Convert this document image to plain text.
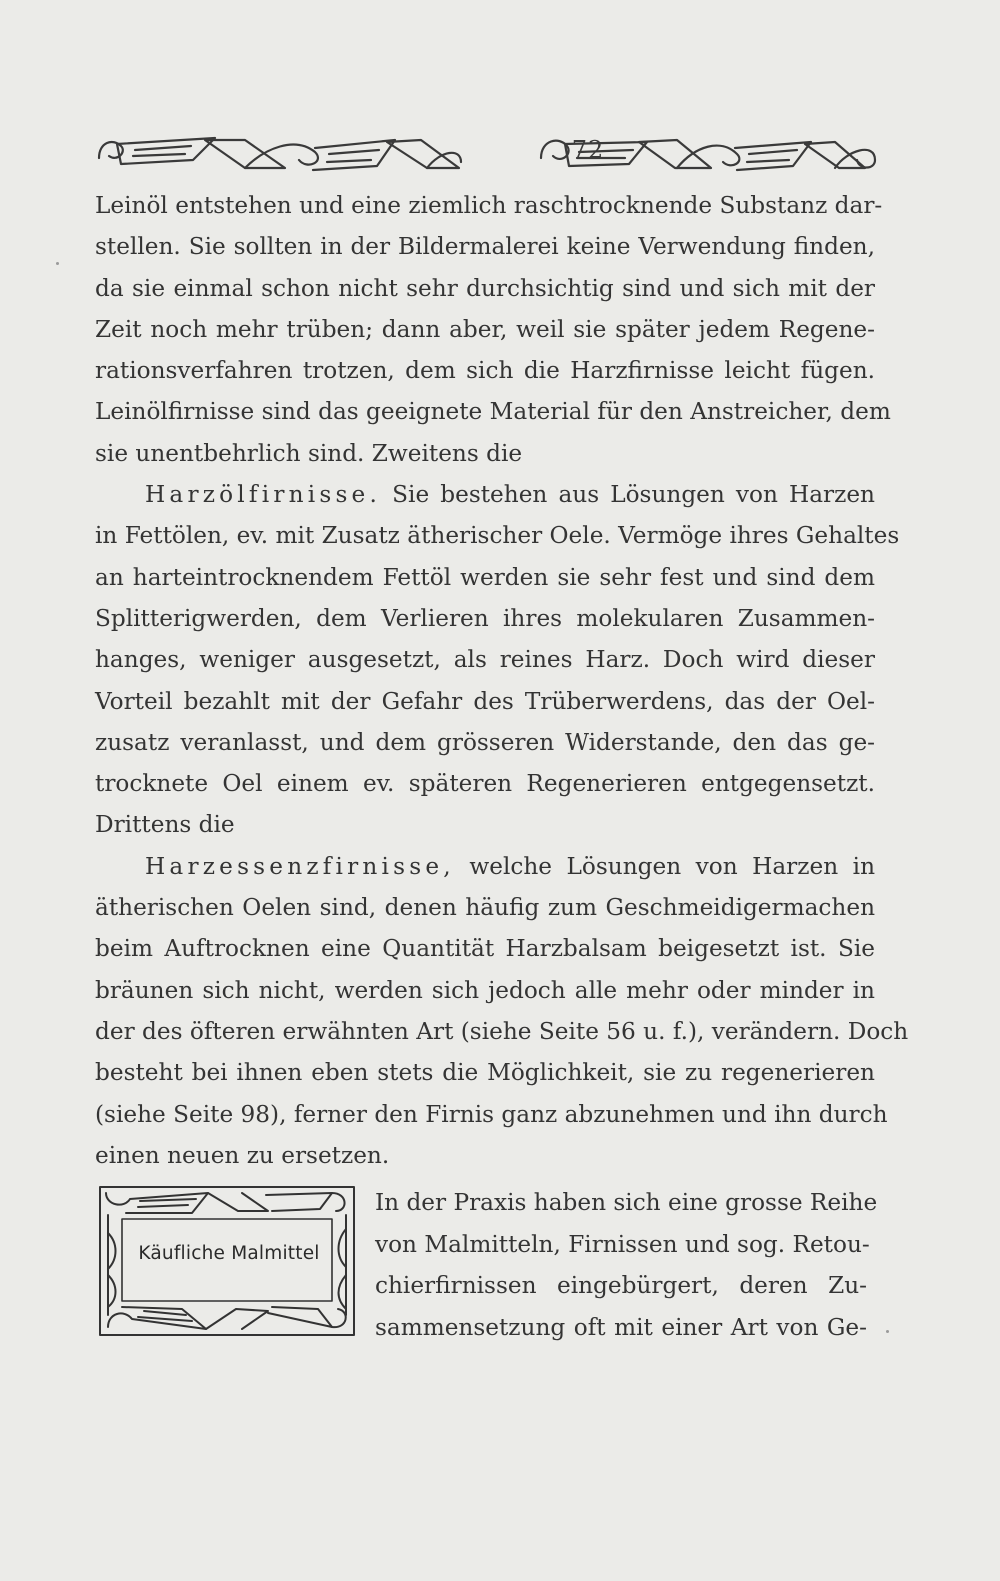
72
Leinöl entstehen und eine ziemlich raschtrocknende Substanz dar-
stellen. Sie sollten in der Bildermalerei keine Verwendung finden,
da sie einmal schon nicht sehr durchsichtig sind und sich mit der
Zeit noch mehr trüben; dann aber, weil sie später jedem Regene-
rationsverfahren trotzen, dem sich die Harzfirnisse leicht fügen.
Leinölfirnisse sind das geeignete Material für den Anstreicher, dem
sie unentbehrlich sind. Zweitens die
Harzölfirnisse. Sie bestehen aus Lösungen von Harzen
in Fettölen, ev. mit Zusatz ätherischer Oele. Vermöge ihres Gehaltes
an harteintrocknendem Fettöl werden sie sehr fest und sind dem
Splitterigwerden, dem Verlieren ihres molekularen Zusammen-
hanges, weniger ausgesetzt, als reines Harz. Doch wird dieser
Vorteil bezahlt mit der Gefahr des Trüberwerdens, das der Oel-
zusatz veranlasst, und dem grösseren Widerstande, den das ge-
trocknete Oel einem ev. späteren Regenerieren entgegensetzt.
Drittens die
Harzessenzfirnisse, welche Lösungen von Harzen in
ätherischen Oelen sind, denen häufig zum Geschmeidigermachen
beim Auftrocknen eine Quantität Harzbalsam beigesetzt ist. Sie
bräunen sich nicht, werden sich jedoch alle mehr oder minder in
der des öfteren erwähnten Art (siehe Seite 56 u. f.), verändern. Doch
besteht bei ihnen eben stets die Möglichkeit, sie zu regenerieren
(siehe Seite 98), ferner den Firnis ganz abzunehmen und ihn durch
einen neuen zu ersetzen.
Käufliche Malmittel
In der Praxis haben sich eine grosse Reihe
von Malmitteln, Firnissen und sog. Retou-
chierfirnissen eingebürgert, deren Zu-
sammensetzung oft mit einer Art von Ge-
